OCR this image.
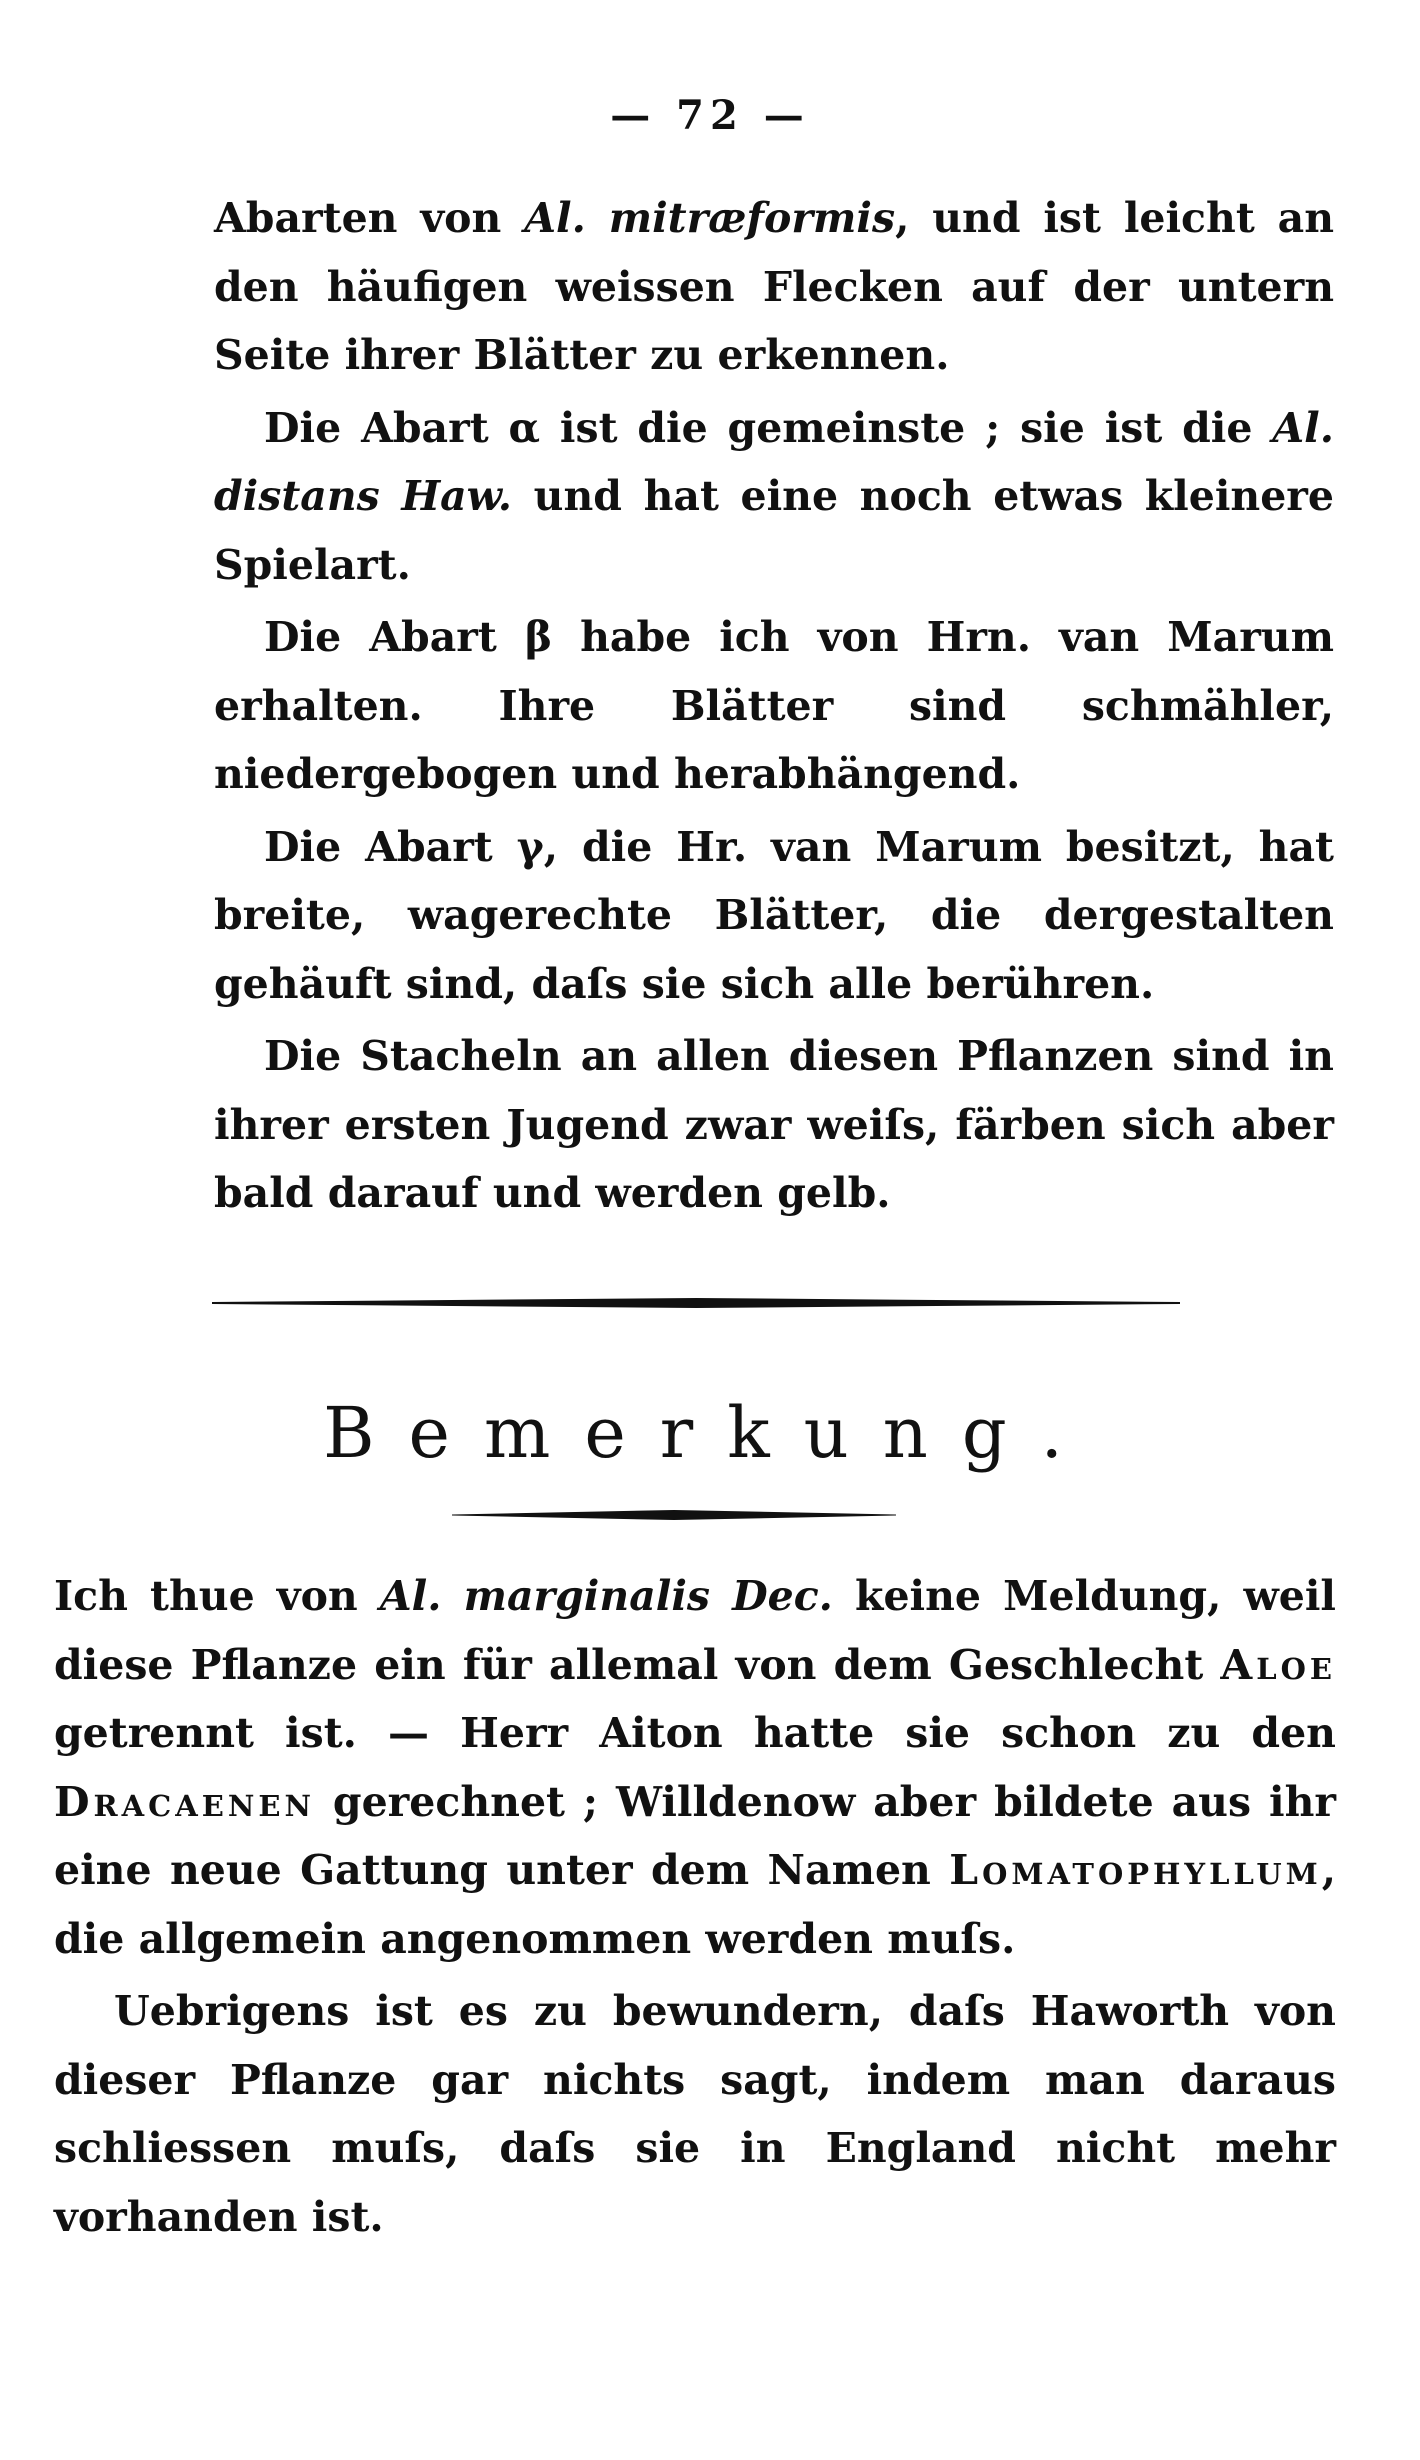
— 72 —

Abarten von Al. mitræformis, und ist leicht an den häufigen weissen Flecken auf der untern Seite ihrer Blätter zu erkennen.

Die Abart α ist die gemeinste ; sie ist die Al. distans Haw. und hat eine noch etwas kleinere Spielart.

Die Abart β habe ich von Hrn. van Marum erhalten. Ihre Blätter sind schmähler, niedergebogen und herabhängend.

Die Abart γ, die Hr. van Marum besitzt, hat breite, wagerechte Blätter, die dergestalten gehäuft sind, daſs sie sich alle berühren.

Die Stacheln an allen diesen Pflanzen sind in ihrer ersten Jugend zwar weiſs, färben sich aber bald darauf und werden gelb.

Bemerkung.

Ich thue von Al. marginalis Dec. keine Meldung, weil diese Pflanze ein für allemal von dem Geschlecht Aloe getrennt ist. — Herr Aiton hatte sie schon zu den Dracaenen gerechnet ; Willdenow aber bildete aus ihr eine neue Gattung unter dem Namen Lomatophyllum, die allgemein angenommen werden muſs.

Uebrigens ist es zu bewundern, daſs Haworth von dieser Pflanze gar nichts sagt, indem man daraus schliessen muſs, daſs sie in England nicht mehr vorhanden ist.
